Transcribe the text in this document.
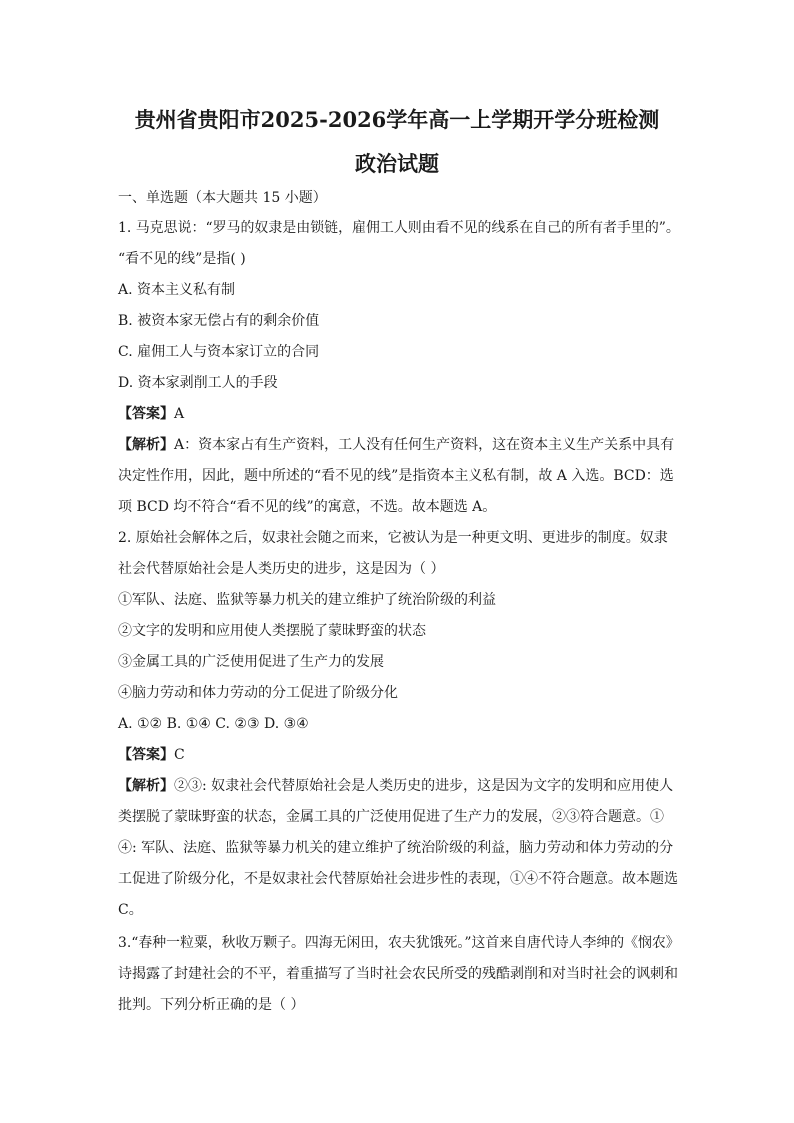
贵州省贵阳市2025-2026学年高一上学期开学分班检测
政治试题
一、单选题（本大题共 15 小题）
1. 马克思说：“罗马的奴隶是由锁链，雇佣工人则由看不见的线系在自己的所有者手里的”。
“看不见的线”是指( )
A. 资本主义私有制
B. 被资本家无偿占有的剩余价值
C. 雇佣工人与资本家订立的合同
D. 资本家剥削工人的手段
【答案】A
【解析】A：资本家占有生产资料，工人没有任何生产资料，这在资本主义生产关系中具有
决定性作用，因此，题中所述的“看不见的线”是指资本主义私有制，故 A 入选。BCD：选
项 BCD 均不符合“看不见的线”的寓意，不选。故本题选 A。
2. 原始社会解体之后，奴隶社会随之而来，它被认为是一种更文明、更进步的制度。奴隶
社会代替原始社会是人类历史的进步，这是因为（ ）
①军队、法庭、监狱等暴力机关的建立维护了统治阶级的利益
②文字的发明和应用使人类摆脱了蒙昧野蛮的状态
③金属工具的广泛使用促进了生产力的发展
④脑力劳动和体力劳动的分工促进了阶级分化
A. ①② B. ①④ C. ②③ D. ③④
【答案】C
【解析】②③: 奴隶社会代替原始社会是人类历史的进步，这是因为文字的发明和应用使人
类摆脱了蒙昧野蛮的状态，金属工具的广泛使用促进了生产力的发展，②③符合题意。①
④: 军队、法庭、监狱等暴力机关的建立维护了统治阶级的利益，脑力劳动和体力劳动的分
工促进了阶级分化，不是奴隶社会代替原始社会进步性的表现，①④不符合题意。故本题选
C。
3.“春种一粒粟，秋收万颗子。四海无闲田，农夫犹饿死。”这首来自唐代诗人李绅的《悯农》
诗揭露了封建社会的不平，着重描写了当时社会农民所受的残酷剥削和对当时社会的讽刺和
批判。下列分析正确的是（ ）
